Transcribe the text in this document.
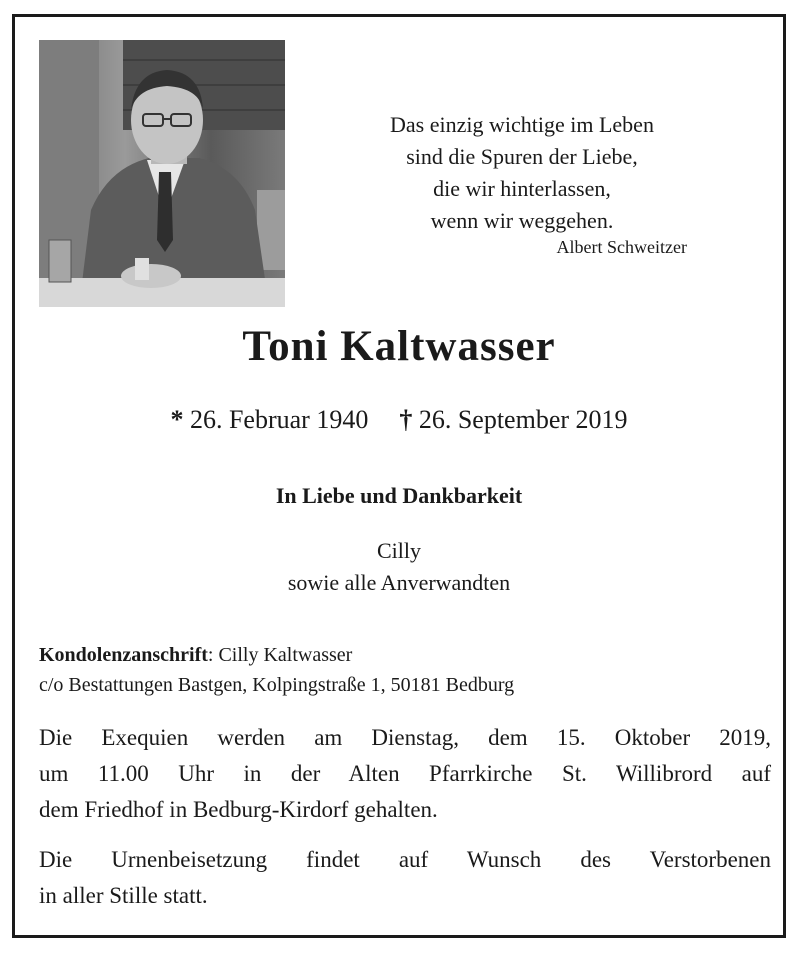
Das einzig wichtige im Leben
sind die Spuren der Liebe,
die wir hinterlassen,
wenn wir weggehen.
Albert Schweitzer
Toni Kaltwasser
* 26. Februar 1940 † 26. September 2019
In Liebe und Dankbarkeit
Cilly
sowie alle Anverwandten
Kondolenzanschrift: Cilly Kaltwasser
c/o Bestattungen Bastgen, Kolpingstraße 1, 50181 Bedburg
Die Exequien werden am Dienstag, dem 15. Oktober 2019,
um 11.00 Uhr in der Alten Pfarrkirche St. Willibrord auf
dem Friedhof in Bedburg-Kirdorf gehalten.
Die Urnenbeisetzung findet auf Wunsch des Verstorbenen
in aller Stille statt.
